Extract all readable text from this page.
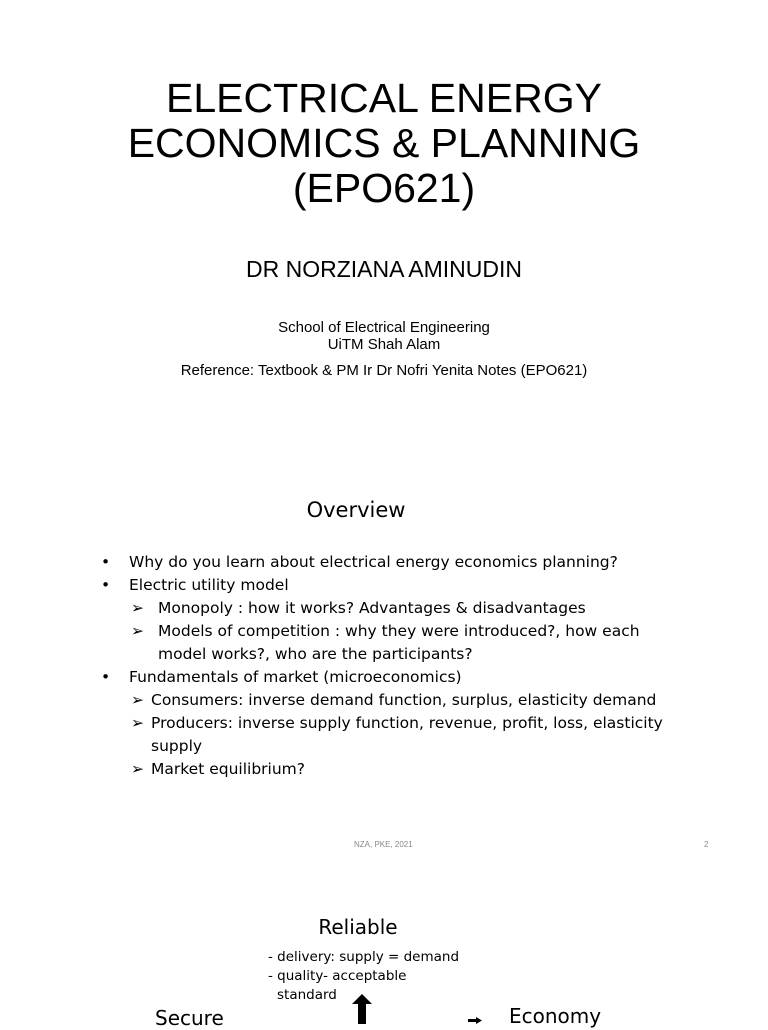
ELECTRICAL ENERGY
ECONOMICS & PLANNING
(EPO621)
DR NORZIANA AMINUDIN
School of Electrical Engineering
UiTM Shah Alam
Reference: Textbook & PM Ir Dr Nofri Yenita Notes (EPO621)
Overview
• Why do you learn about electrical energy economics planning?
• Electric utility model
➢ Monopoly : how it works? Advantages & disadvantages
➢ Models of competition : why they were introduced?, how each
model works?, who are the participants?
• Fundamentals of market (microeconomics)
➢ Consumers: inverse demand function, surplus, elasticity demand
➢ Producers: inverse supply function, revenue, profit, loss, elasticity
supply
➢ Market equilibrium?
NZA, PKE, 2021	2
Reliable
- delivery: supply = demand
- quality- acceptable
standard
Secure	Economy
